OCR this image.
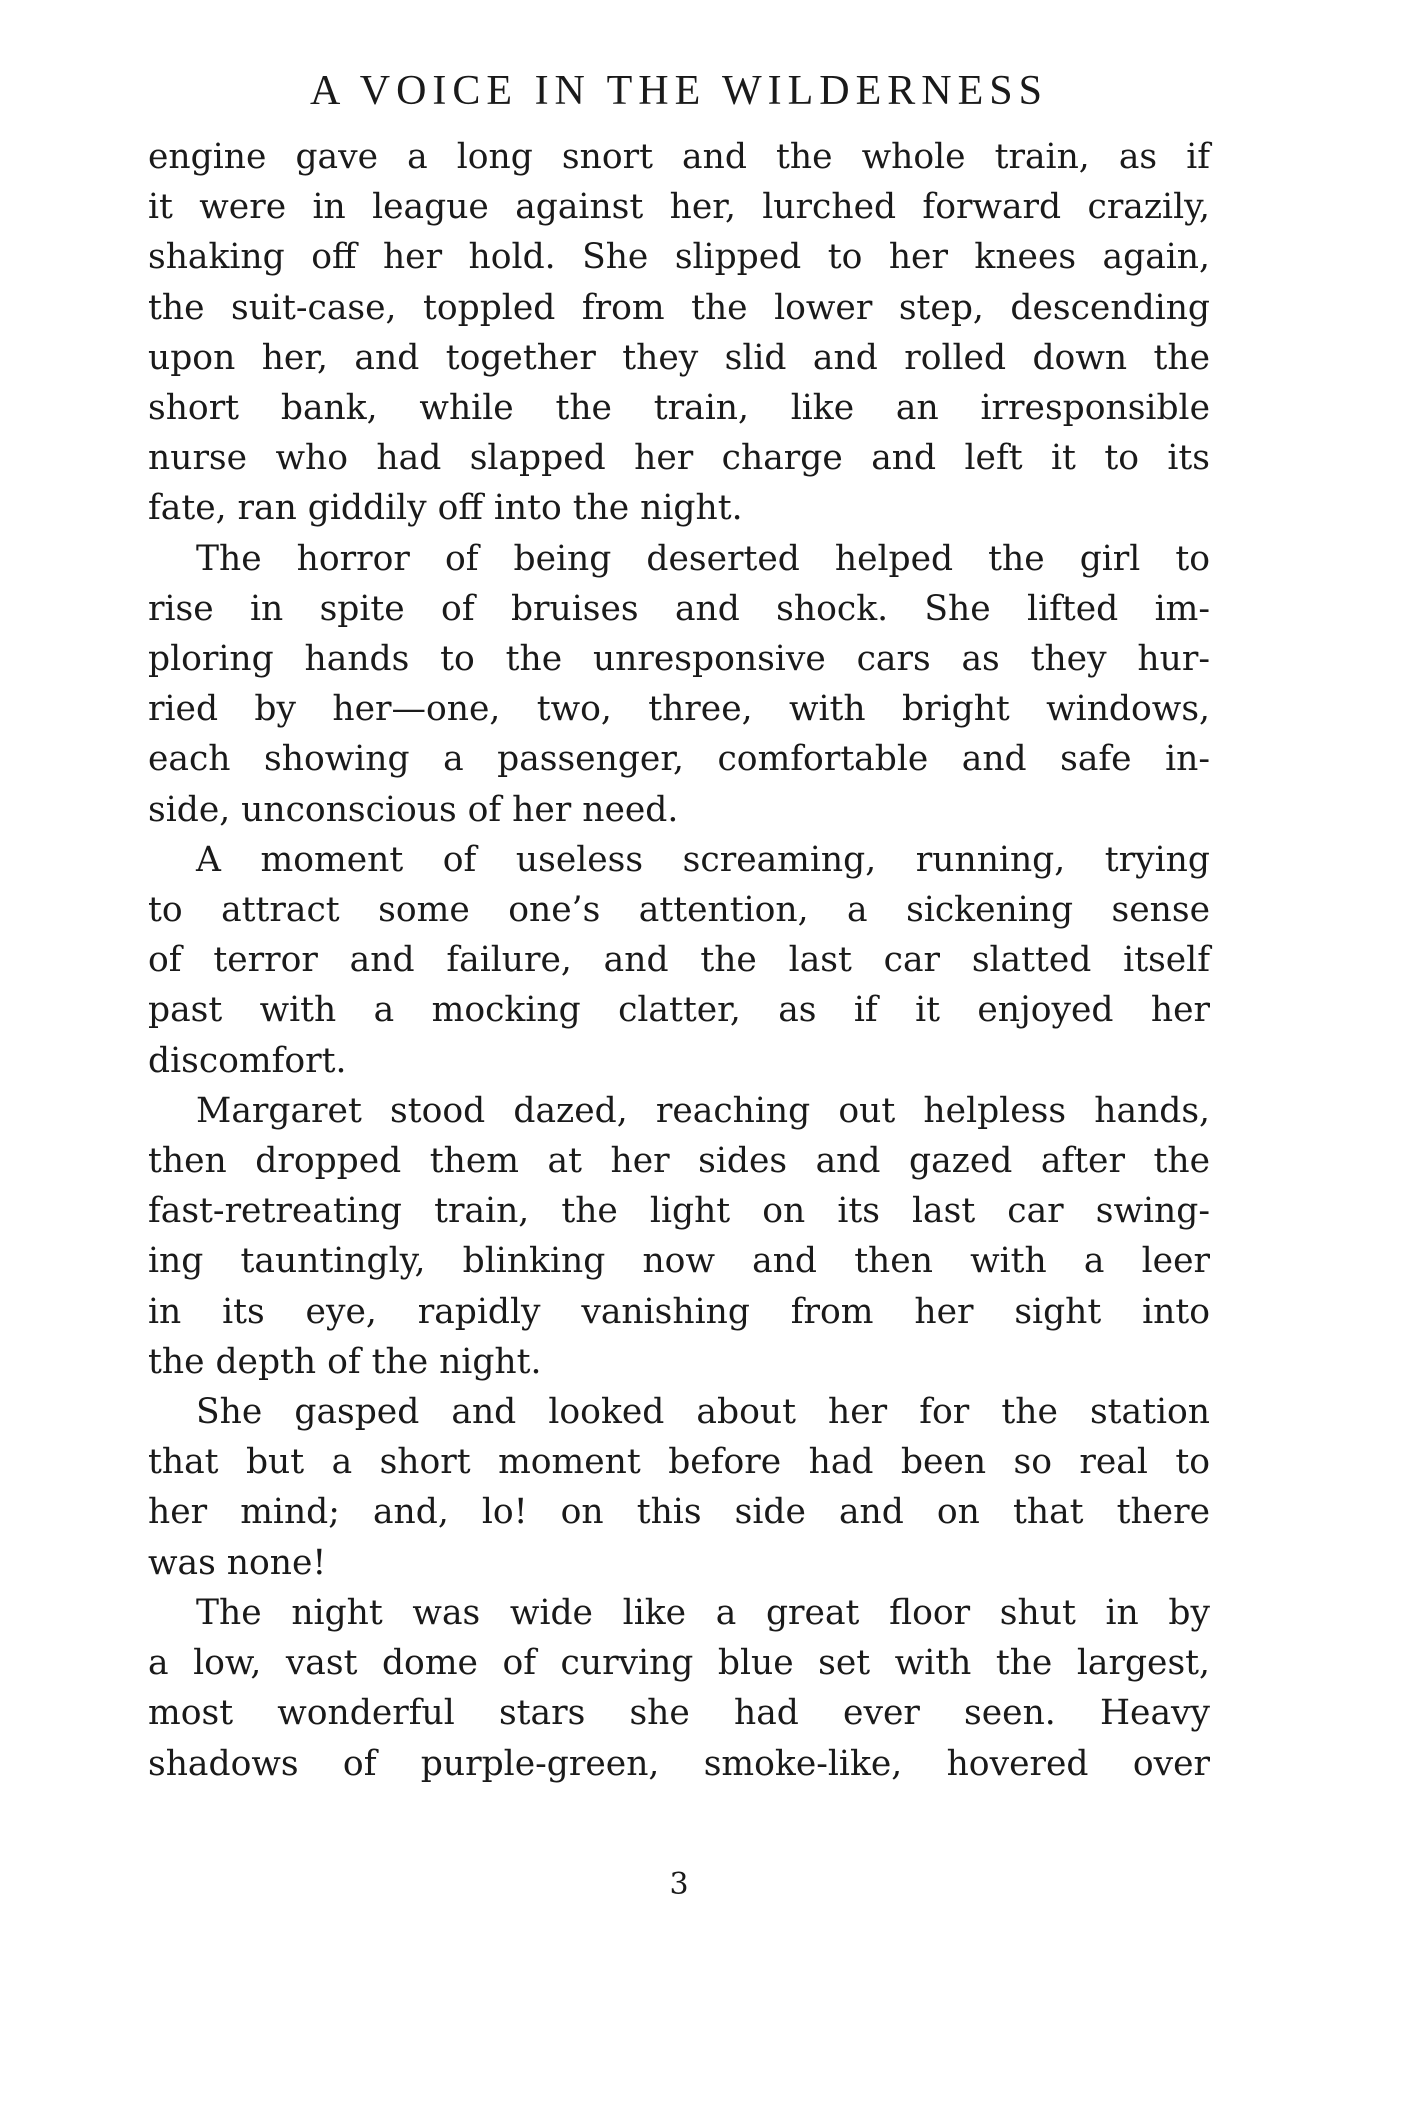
A VOICE IN THE WILDERNESS
engine gave a long snort and the whole train, as if
it were in league against her, lurched forward crazily,
shaking off her hold. She slipped to her knees again,
the suit-case, toppled from the lower step, descending
upon her, and together they slid and rolled down the
short bank, while the train, like an irresponsible
nurse who had slapped her charge and left it to its
fate, ran giddily off into the night.
The horror of being deserted helped the girl to
rise in spite of bruises and shock. She lifted im-
ploring hands to the unresponsive cars as they hur-
ried by her—one, two, three, with bright windows,
each showing a passenger, comfortable and safe in-
side, unconscious of her need.
A moment of useless screaming, running, trying
to attract some one’s attention, a sickening sense
of terror and failure, and the last car slatted itself
past with a mocking clatter, as if it enjoyed her
discomfort.
Margaret stood dazed, reaching out helpless hands,
then dropped them at her sides and gazed after the
fast-retreating train, the light on its last car swing-
ing tauntingly, blinking now and then with a leer
in its eye, rapidly vanishing from her sight into
the depth of the night.
She gasped and looked about her for the station
that but a short moment before had been so real to
her mind; and, lo! on this side and on that there
was none!
The night was wide like a great floor shut in by
a low, vast dome of curving blue set with the largest,
most wonderful stars she had ever seen. Heavy
shadows of purple-green, smoke-like, hovered over
3
